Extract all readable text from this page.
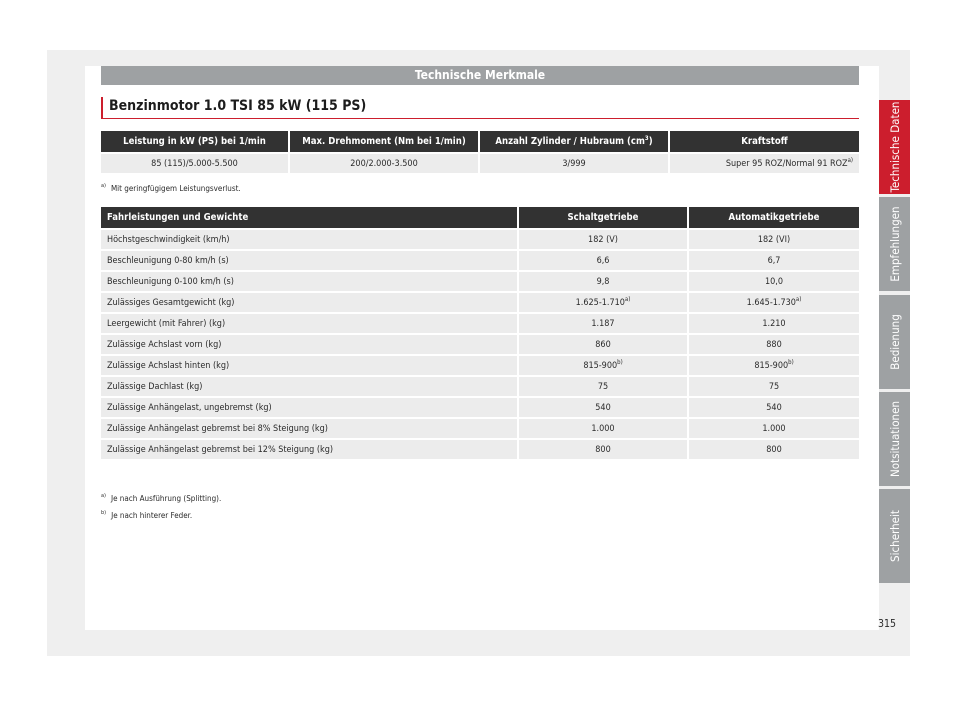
Technische Merkmale
Benzinmotor 1.0 TSI 85 kW (115 PS)
Leistung in kW (PS) bei 1/min	Max. Drehmoment (Nm bei 1/min)	Anzahl Zylinder / Hubraum $(cm^3)$	Kraftstoff
85 (115)/5.000-5.500	200/2.000-3.500	3/999	Super 95 ROZ/Normal 91 ROZ$^{a)}$
$^{a)}$ Mit geringfügigem Leistungsverlust.
Fahrleistungen und Gewichte	Schaltgetriebe	Automatikgetriebe
Höchstgeschwindigkeit (km/h)	182 (V)	182 (VI)
Beschleunigung 0-80 km/h (s)	6,6	6,7
Beschleunigung 0-100 km/h (s)	9,8	10,0
Zulässiges Gesamtgewicht (kg)	1.625-1.710$^{a)}$	1.645-1.730$^{a)}$
Leergewicht (mit Fahrer) (kg)	1.187	1.210
Zulässige Achslast vorn (kg)	860	880
Zulässige Achslast hinten (kg)	815-900$^{b)}$	815-900$^{b)}$
Zulässige Dachlast (kg)	75	75
Zulässige Anhängelast, ungebremst (kg)	540	540
Zulässige Anhängelast gebremst bei 8% Steigung (kg)	1.000	1.000
Zulässige Anhängelast gebremst bei 12% Steigung (kg)	800	800
$^{a)}$ Je nach Ausführung (Splitting).
$^{b)}$ Je nach hinterer Feder.
Technische Daten
Empfehlungen
Bedienung
Notsituationen
Sicherheit
315
